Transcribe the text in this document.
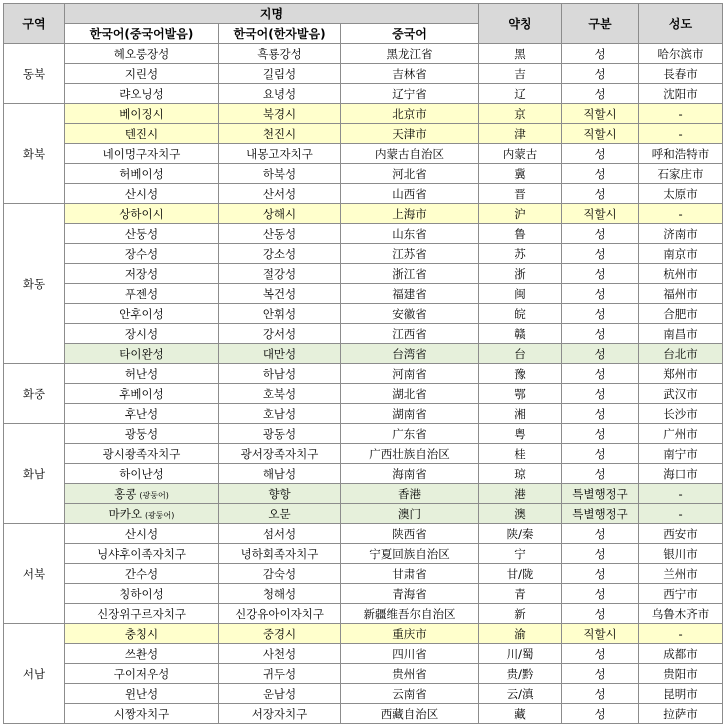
구역	지명			약칭	구분	성도
	한국어(중국어발음)	한국어(한자발음)	중국어			
동북	헤오룽장성	흑룡강성	黑龙江省	黑	성	哈尔滨市
	지린성	길림성	吉林省	吉	성	長春市
	랴오닝성	요녕성	辽宁省	辽	성	沈阳市
화북	베이징시	북경시	北京市	京	직할시	-
	텐진시	천진시	天津市	津	직할시	-
	네이멍구자치구	내몽고자치구	内蒙古自治区	内蒙古	성	呼和浩特市
	허베이성	하북성	河北省	冀	성	石家庄市
	산시성	산서성	山西省	晋	성	太原市
화동	상하이시	상해시	上海市	沪	직할시	-
	산둥성	산동성	山东省	鲁	성	济南市
	장수성	강소성	江苏省	苏	성	南京市
	저장성	절강성	浙江省	浙	성	杭州市
	푸젠성	복건성	福建省	闽	성	福州市
	안후이성	안휘성	安徽省	皖	성	合肥市
	장시성	강서성	江西省	赣	성	南昌市
	타이완성	대만성	台湾省	台	성	台北市
화중	허난성	하남성	河南省	豫	성	郑州市
	후베이성	호북성	湖北省	鄂	성	武汉市
	후난성	호남성	湖南省	湘	성	长沙市
화남	광둥성	광동성	广东省	粤	성	广州市
	광시좡족자치구	광서장족자치구	广西壮族自治区	桂	성	南宁市
	하이난성	해남성	海南省	琼	성	海口市
	홍콩 (광둥어)	향항	香港	港	특별행정구	-
	마카오 (광둥어)	오문	澳门	澳	특별행정구	-
서북	산시성	섬서성	陕西省	陕/秦	성	西安市
	닝샤후이족자치구	녕하회족자치구	宁夏回族自治区	宁	성	银川市
	간수성	감숙성	甘肃省	甘/陇	성	兰州市
	칭하이성	청해성	青海省	青	성	西宁市
	신장위구르자치구	신강유아이자치구	新疆维吾尔自治区	新	성	乌鲁木齐市
서남	충칭시	중경시	重庆市	渝	직할시	-
	쓰촨성	사천성	四川省	川/蜀	성	成都市
	구이저우성	귀두성	贵州省	贵/黔	성	贵阳市
	윈난성	운남성	云南省	云/滇	성	昆明市
	시짱자치구	서장자치구	西藏自治区	藏	성	拉萨市
